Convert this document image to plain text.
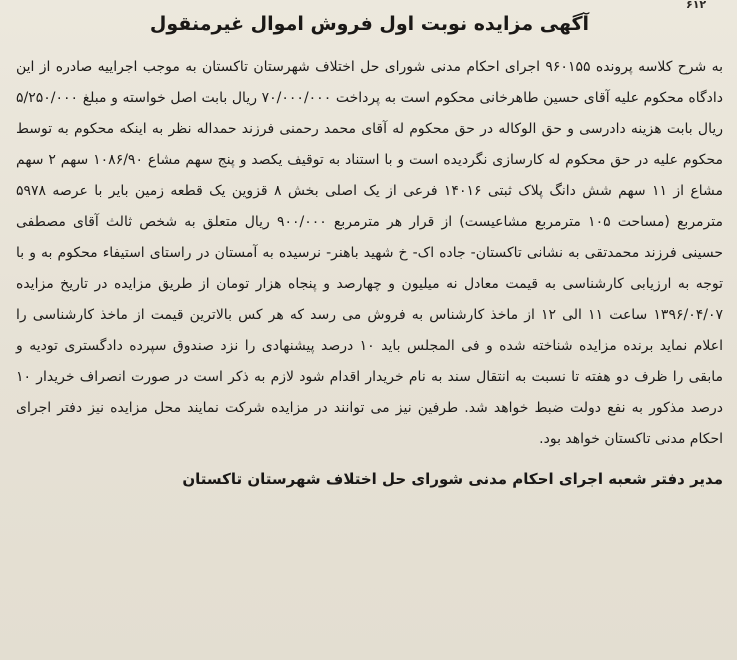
۶۱۲
آگهی مزایده نوبت اول فروش اموال غیرمنقول

به شرح کلاسه پرونده ۹۶۰۱۵۵ اجرای احکام مدنی شورای حل اختلاف شهرستان تاکستان به موجب اجراییه صادره از این دادگاه محکوم علیه آقای حسین طاهرخانی محکوم است به پرداخت ۷۰/۰۰۰/۰۰۰ ریال بابت اصل خواسته و مبلغ ۵/۲۵۰/۰۰۰ ریال بابت هزینه دادرسی و حق الوکاله در حق محکوم له آقای محمد رحمنی فرزند حمداله نظر به اینکه محکوم به توسط محکوم علیه در حق محکوم له کارسازی نگردیده است و با استناد به توقیف یکصد و پنج سهم مشاع ۱۰۸۶/۹۰ سهم ۲ سهم مشاع از ۱۱ سهم شش دانگ پلاک ثبتی ۱۴۰۱۶ فرعی از یک اصلی بخش ۸ قزوین یک قطعه زمین بایر با عرصه ۵۹۷۸ مترمربع (مساحت ۱۰۵ مترمربع مشاعیست) از قرار هر مترمربع ۹۰۰/۰۰۰ ریال متعلق به شخص ثالث آقای مصطفی حسینی فرزند محمدتقی به نشانی تاکستان- جاده اک- خ شهید باهنر- نرسیده به آمستان در راستای استیفاء محکوم به و با توجه به ارزیابی کارشناسی به قیمت معادل نه میلیون و چهارصد و پنجاه هزار تومان از طریق مزایده در تاریخ مزایده ۱۳۹۶/۰۴/۰۷ ساعت ۱۱ الی ۱۲ از ماخذ کارشناس به فروش می رسد که هر کس بالاترین قیمت از ماخذ کارشناسی را اعلام نماید برنده مزایده شناخته شده و فی المجلس باید ۱۰ درصد پیشنهادی را نزد صندوق سپرده دادگستری تودیه و مابقی را ظرف دو هفته تا نسبت به انتقال سند به نام خریدار اقدام شود لازم به ذکر است در صورت انصراف خریدار ۱۰ درصد مذکور به نفع دولت ضبط خواهد شد. طرفین نیز می توانند در مزایده شرکت نمایند محل مزایده نیز دفتر اجرای احکام مدنی تاکستان خواهد بود.

مدیر دفتر شعبه اجرای احکام مدنی شورای حل اختلاف شهرستان تاکستان
